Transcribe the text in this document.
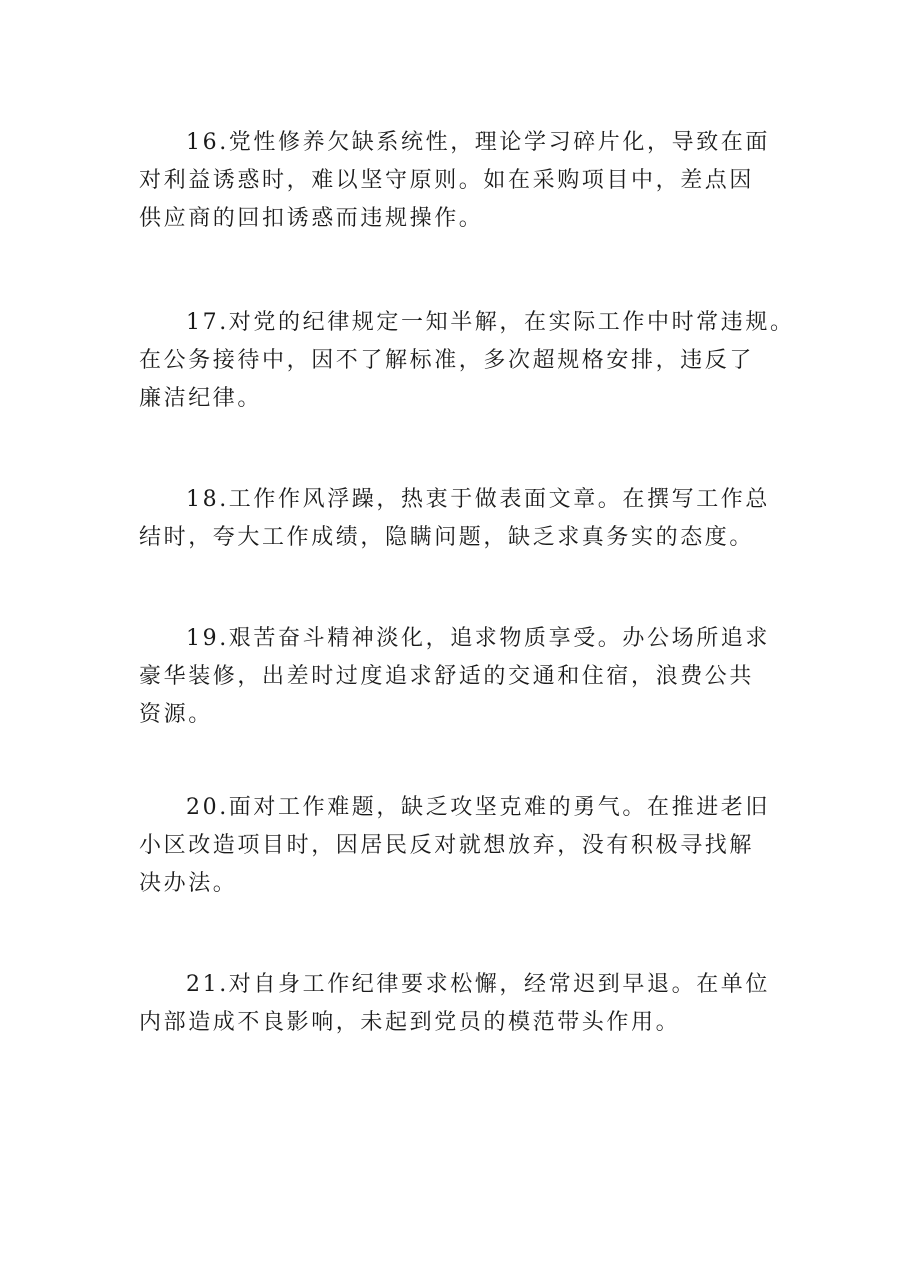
16.党性修养欠缺系统性，理论学习碎片化，导致在面
对利益诱惑时，难以坚守原则。如在采购项目中，差点因
供应商的回扣诱惑而违规操作。
17.对党的纪律规定一知半解，在实际工作中时常违规。
在公务接待中，因不了解标准，多次超规格安排，违反了
廉洁纪律。
18.工作作风浮躁，热衷于做表面文章。在撰写工作总
结时，夸大工作成绩，隐瞒问题，缺乏求真务实的态度。
19.艰苦奋斗精神淡化，追求物质享受。办公场所追求
豪华装修，出差时过度追求舒适的交通和住宿，浪费公共
资源。
20.面对工作难题，缺乏攻坚克难的勇气。在推进老旧
小区改造项目时，因居民反对就想放弃，没有积极寻找解
决办法。
21.对自身工作纪律要求松懈，经常迟到早退。在单位
内部造成不良影响，未起到党员的模范带头作用。
